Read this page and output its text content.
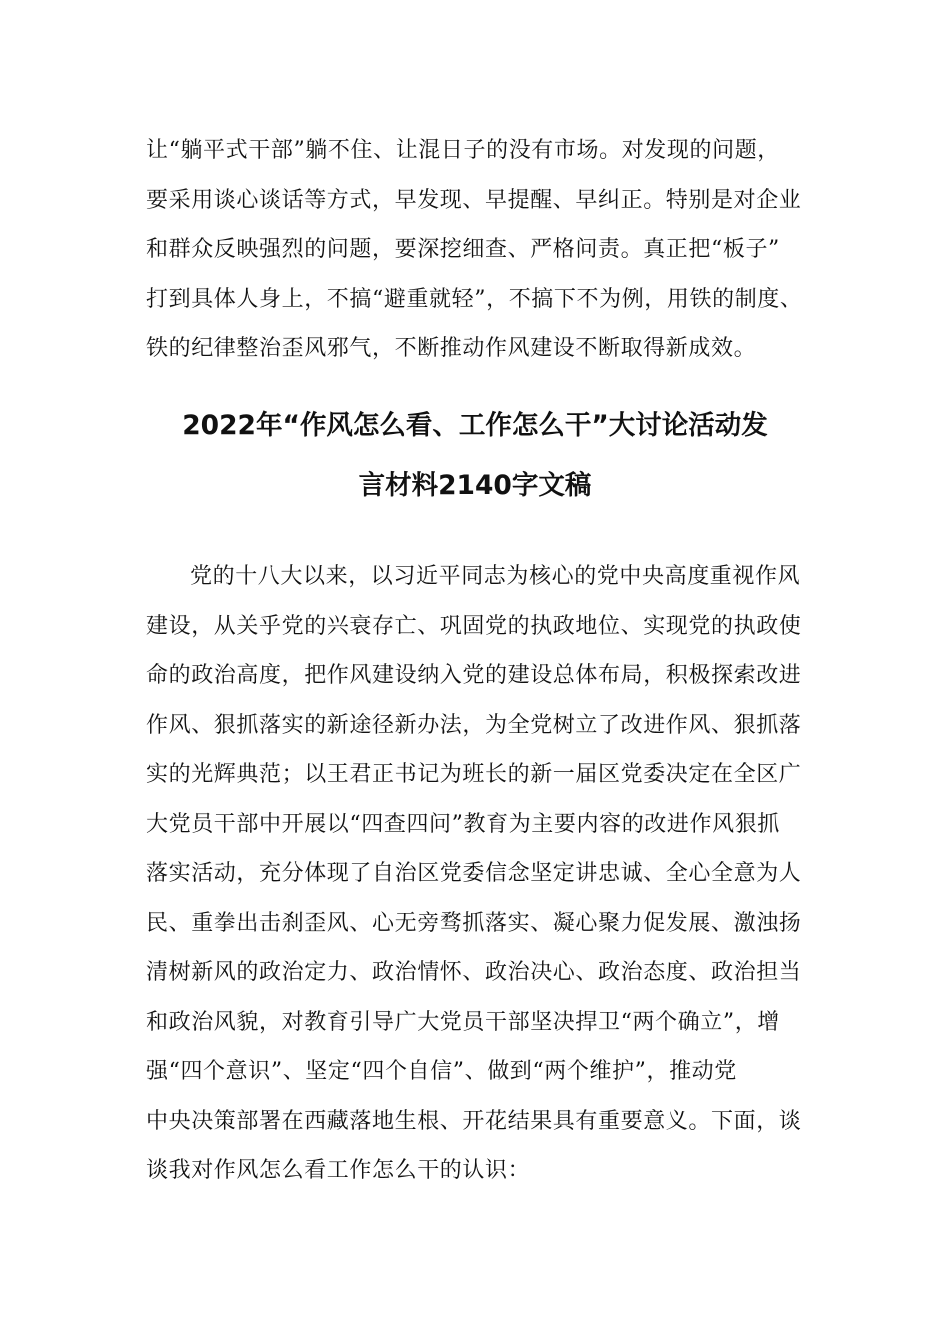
让“躺平式干部”躺不住、让混日子的没有市场。对发现的问题，
要采用谈心谈话等方式，早发现、早提醒、早纠正。特别是对企业
和群众反映强烈的问题，要深挖细查、严格问责。真正把“板子”
打到具体人身上，不搞“避重就轻”，不搞下不为例，用铁的制度、
铁的纪律整治歪风邪气，不断推动作风建设不断取得新成效。
2022年“作风怎么看、工作怎么干”大讨论活动发
言材料2140字文稿
党的十八大以来，以习近平同志为核心的党中央高度重视作风
建设，从关乎党的兴衰存亡、巩固党的执政地位、实现党的执政使
命的政治高度，把作风建设纳入党的建设总体布局，积极探索改进
作风、狠抓落实的新途径新办法，为全党树立了改进作风、狠抓落
实的光辉典范；以王君正书记为班长的新一届区党委决定在全区广
大党员干部中开展以“四查四问”教育为主要内容的改进作风狠抓
落实活动，充分体现了自治区党委信念坚定讲忠诚、全心全意为人
民、重拳出击刹歪风、心无旁骛抓落实、凝心聚力促发展、激浊扬
清树新风的政治定力、政治情怀、政治决心、政治态度、政治担当
和政治风貌，对教育引导广大党员干部坚决捍卫“两个确立”，增
强“四个意识”、坚定“四个自信”、做到“两个维护”，推动党
中央决策部署在西藏落地生根、开花结果具有重要意义。下面，谈
谈我对作风怎么看工作怎么干的认识：
